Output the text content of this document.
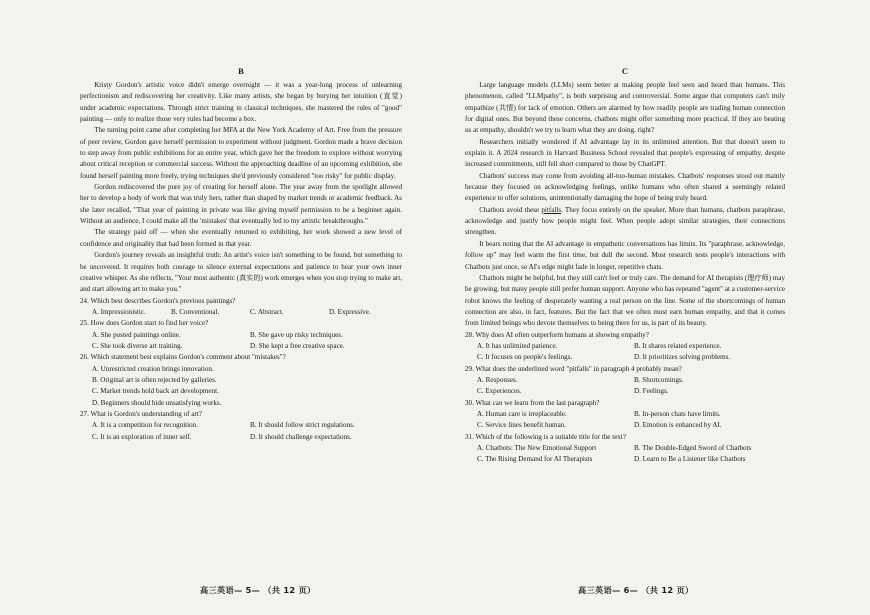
B

Kristy Gordon's artistic voice didn't emerge overnight — it was a year-long process of unlearning perfectionism and rediscovering her creativity. Like many artists, she began by burying her intuition (直觉) under academic expectations. Through strict training in classical techniques, she mastered the rules of "good" painting — only to realize those very rules had become a box.

The turning point came after completing her MFA at the New York Academy of Art. Free from the pressure of peer review, Gordon gave herself permission to experiment without judgment. Gordon made a brave decision to step away from public exhibitions for an entire year, which gave her the freedom to explore without worrying about critical reception or commercial success. Without the approaching deadline of an upcoming exhibition, she found herself painting more freely, trying techniques she'd previously considered "too risky" for public display.

Gordon rediscovered the pure joy of creating for herself alone. The year away from the spotlight allowed her to develop a body of work that was truly hers, rather than shaped by market trends or academic feedback. As she later recalled, "That year of painting in private was like giving myself permission to be a beginner again. Without an audience, I could make all the 'mistakes' that eventually led to my artistic breakthroughs."

The strategy paid off — when she eventually returned to exhibiting, her work showed a new level of confidence and originality that had been formed in that year.

Gordon's journey reveals an insightful truth: An artist's voice isn't something to be found, but something to be uncovered. It requires both courage to silence external expectations and patience to hear your own inner creative whisper. As she reflects, "Your most authentic (真实的) work emerges when you stop trying to make art, and start allowing art to make you."

24. Which best describes Gordon's previous paintings?
A. Impressionistic.	B. Conventional.	C. Abstract.	D. Expressive.
25. How does Gordon start to find her voice?
A. She posted paintings online.	B. She gave up risky techniques.
C. She took diverse art training.	D. She kept a free creative space.
26. Which statement best explains Gordon's comment about "mistakes"?
A. Unrestricted creation brings innovation.
B. Original art is often rejected by galleries.
C. Market trends hold back art development.
D. Beginners should hide unsatisfying works.
27. What is Gordon's understanding of art?
A. It is a competition for recognition.	B. It should follow strict regulations.
C. It is an exploration of inner self.	D. It should challenge expectations.
C

Large language models (LLMs) seem better at making people feel seen and heard than humans. This phenomenon, called "LLMpathy", is both surprising and controversial. Some argue that computers can't truly empathize (共情) for lack of emotion. Others are alarmed by how readily people are trading human connection for digital ones. But beyond these concerns, chatbots might offer something more practical. If they are beating us at empathy, shouldn't we try to learn what they are doing, right?

Researchers initially wondered if AI advantage lay in its unlimited attention. But that doesn't seem to explain it. A 2024 research in Harvard Business School revealed that people's expressing of empathy, despite increased commitments, still fell short compared to those by ChatGPT.

Chatbots' success may come from avoiding all-too-human mistakes. Chatbots' responses stood out mainly because they focused on acknowledging feelings, unlike humans who often shared a seemingly related experience to offer solutions, unintentionally damaging the hope of being truly heard.

Chatbots avoid these pitfalls. They focus entirely on the speaker. More than humans, chatbots paraphrase, acknowledge and justify how people might feel. When people adopt similar strategies, their connections strengthen.

It bears noting that the AI advantage in empathetic conversations has limits. Its "paraphrase, acknowledge, follow up" may feel warm the first time, but dull the second. Most research tests people's interactions with Chatbots just once, so AI's edge might fade in longer, repetitive chats.

Chatbots might be helpful, but they still can't feel or truly care. The demand for AI therapists (理疗师) may be growing, but many people still prefer human support. Anyone who has repeated "agent" at a customer-service robot knows the feeling of desperately wanting a real person on the line. Some of the shortcomings of human connection are also, in fact, features. But the fact that we often must earn human empathy, and that it comes from limited beings who devote themselves to being there for us, is part of its beauty.

28. Why does AI often outperform humans at showing empathy?
A. It has unlimited patience.	B. It shares related experience.
C. It focuses on people's feelings.	D. It prioritizes solving problems.
29. What does the underlined word "pitfalls" in paragraph 4 probably mean?
A. Responses.	B. Shortcomings.
C. Experiences.	D. Feelings.
30. What can we learn from the last paragraph?
A. Human care is irreplaceable.	B. In-person chats have limits.
C. Service lines benefit human.	D. Emotion is enhanced by AI.
31. Which of the following is a suitable title for the text?
A. Chatbots: The New Emotional Support	B. The Double-Edged Sword of Chatbots
C. The Rising Demand for AI Therapists	D. Learn to Be a Listener like Chatbots
高三英语— 5— （共 12 页）	高三英语— 6— （共 12 页）
